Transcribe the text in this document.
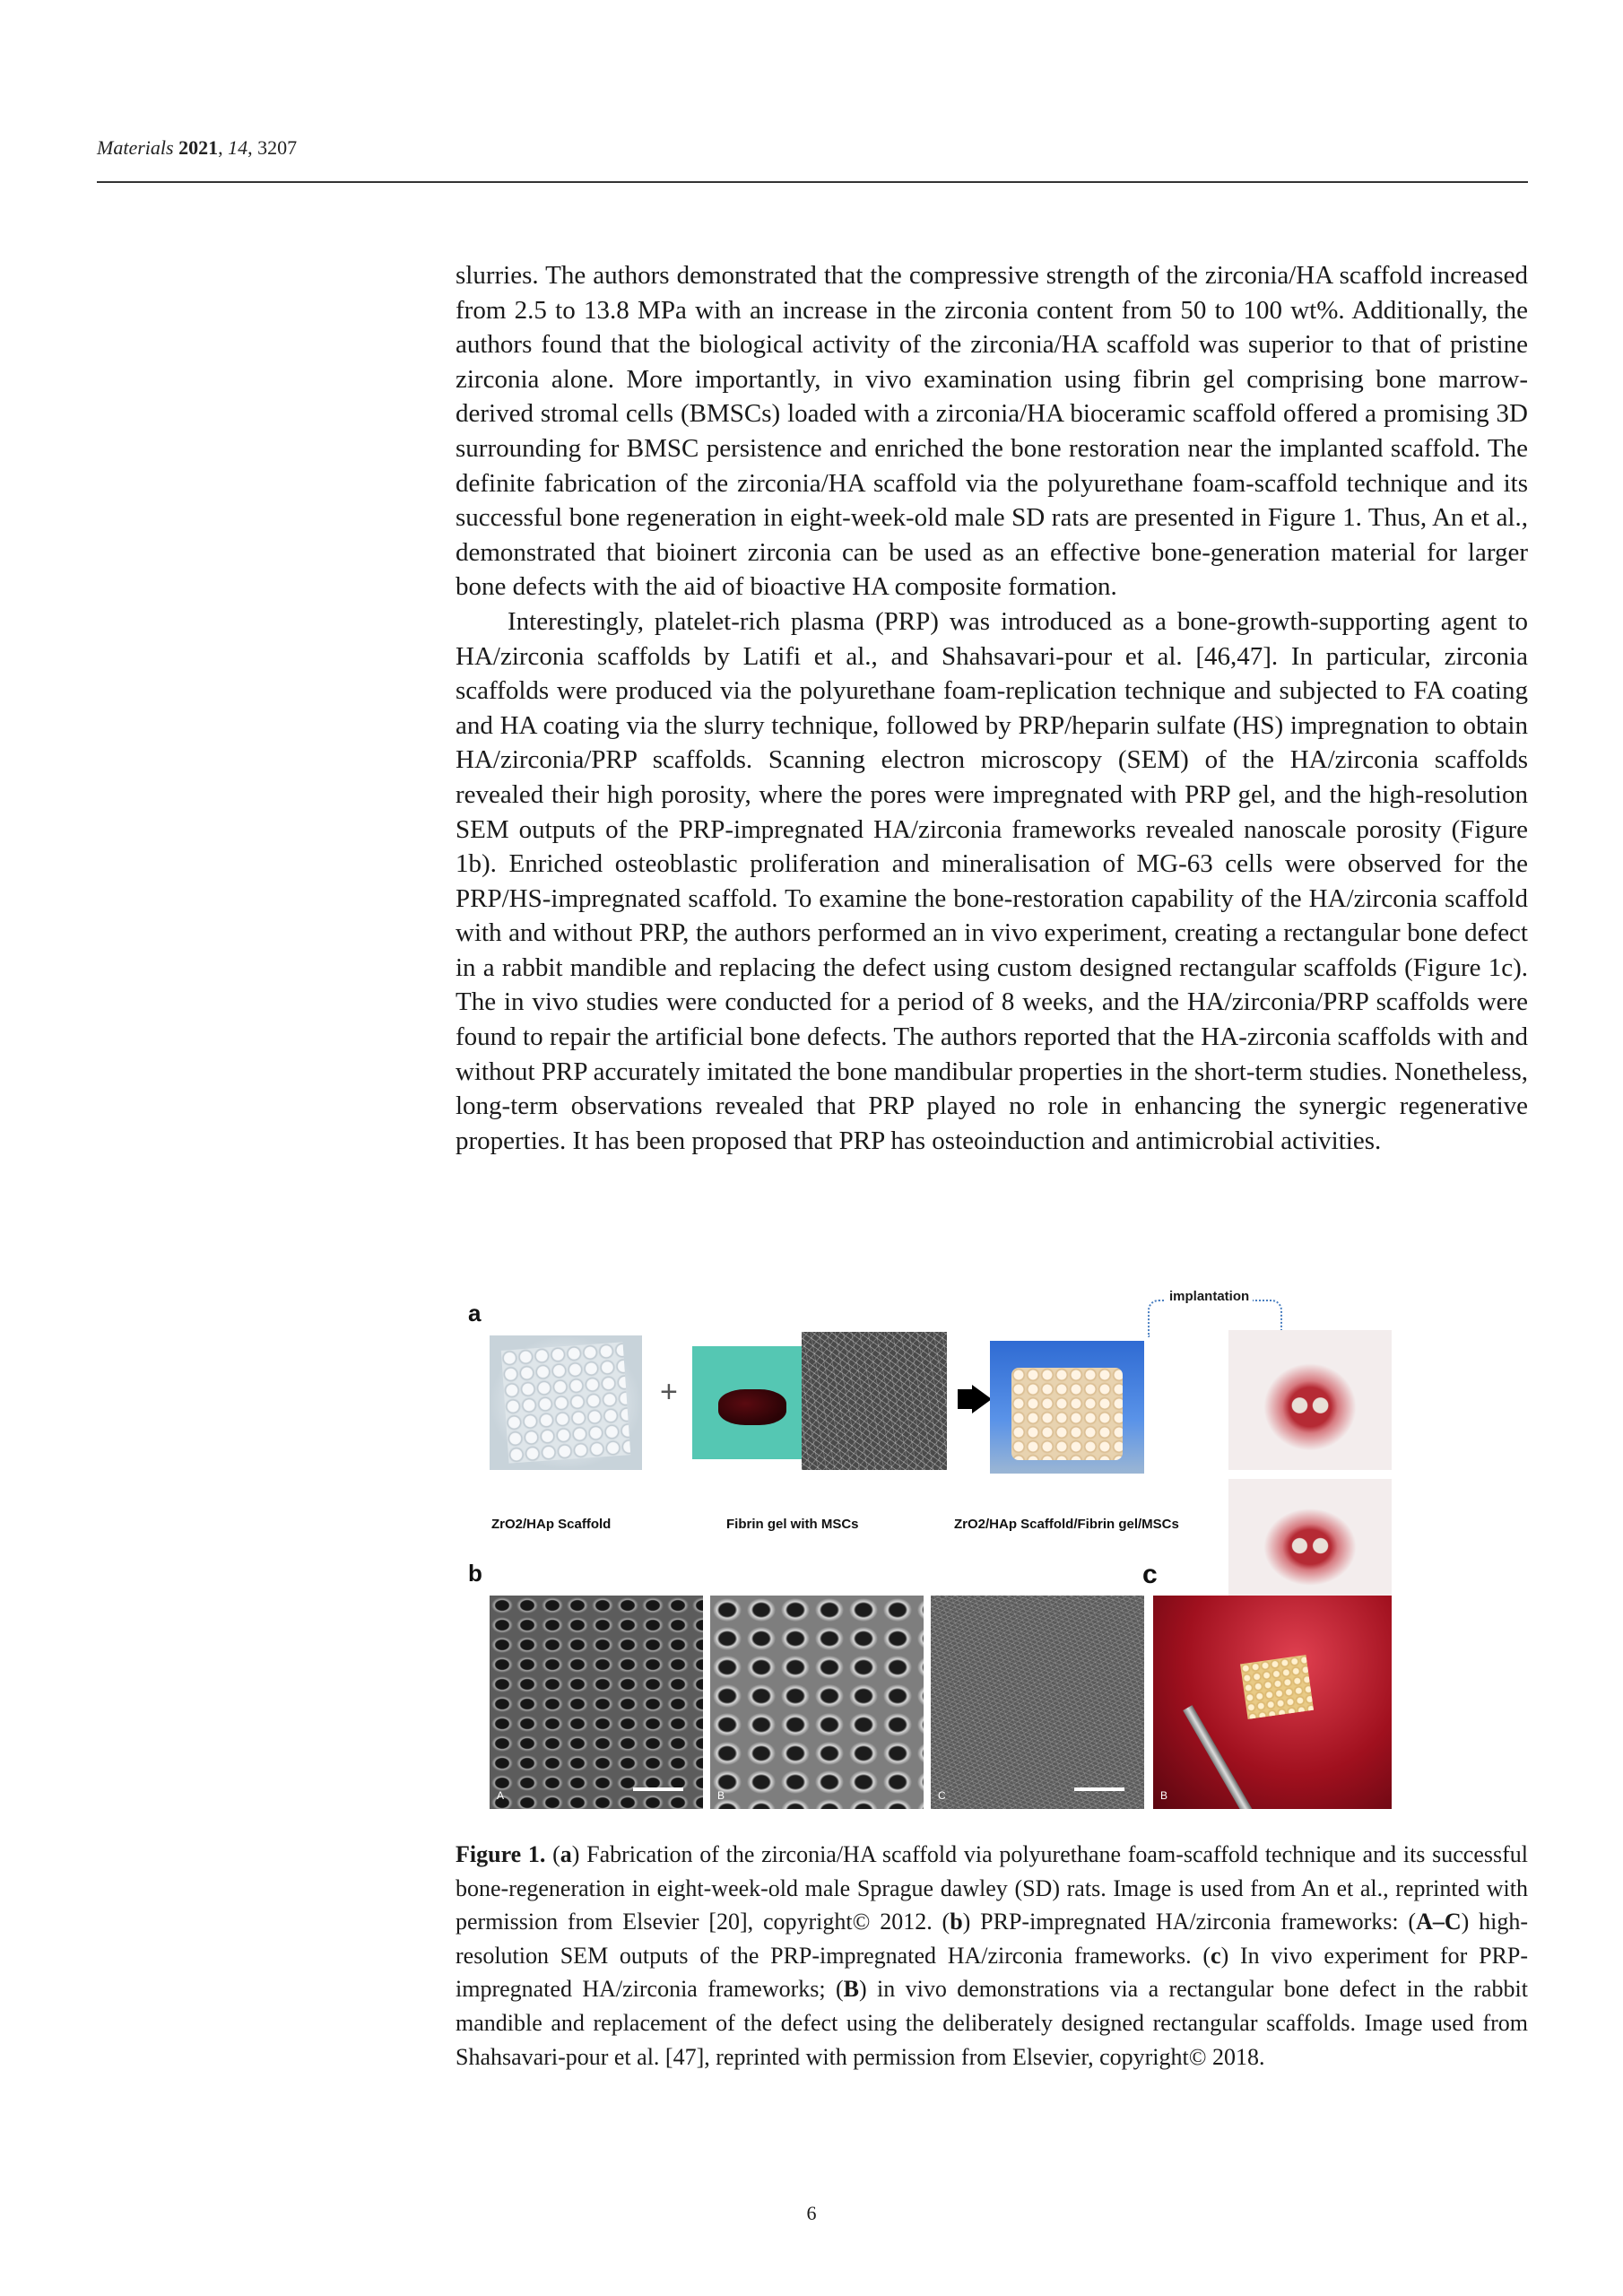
Materials 2021, 14, 3207

slurries. The authors demonstrated that the compressive strength of the zirconia/HA scaffold increased from 2.5 to 13.8 MPa with an increase in the zirconia content from 50 to 100 wt%. Additionally, the authors found that the biological activity of the zirconia/HA scaffold was superior to that of pristine zirconia alone. More importantly, in vivo examination using fibrin gel comprising bone marrow-derived stromal cells (BMSCs) loaded with a zirconia/HA bioceramic scaffold offered a promising 3D surrounding for BMSC persistence and enriched the bone restoration near the implanted scaffold. The definite fabrication of the zirconia/HA scaffold via the polyurethane foam-scaffold technique and its successful bone regeneration in eight-week-old male SD rats are presented in Figure 1. Thus, An et al., demonstrated that bioinert zirconia can be used as an effective bone-generation material for larger bone defects with the aid of bioactive HA composite formation.

Interestingly, platelet-rich plasma (PRP) was introduced as a bone-growth-supporting agent to HA/zirconia scaffolds by Latifi et al., and Shahsavari-pour et al. [46,47]. In particular, zirconia scaffolds were produced via the polyurethane foam-replication technique and subjected to FA coating and HA coating via the slurry technique, followed by PRP/heparin sulfate (HS) impregnation to obtain HA/zirconia/PRP scaffolds. Scanning electron microscopy (SEM) of the HA/zirconia scaffolds revealed their high porosity, where the pores were impregnated with PRP gel, and the high-resolution SEM outputs of the PRP-impregnated HA/zirconia frameworks revealed nanoscale porosity (Figure 1b). Enriched osteoblastic proliferation and mineralisation of MG-63 cells were observed for the PRP/HS-impregnated scaffold. To examine the bone-restoration capability of the HA/zirconia scaffold with and without PRP, the authors performed an in vivo experiment, creating a rectangular bone defect in a rabbit mandible and replacing the defect using custom designed rectangular scaffolds (Figure 1c). The in vivo studies were conducted for a period of 8 weeks, and the HA/zirconia/PRP scaffolds were found to repair the artificial bone defects. The authors reported that the HA-zirconia scaffolds with and without PRP accurately imitated the bone mandibular properties in the short-term studies. Nonetheless, long-term observations revealed that PRP played no role in enhancing the synergic regenerative properties. It has been proposed that PRP has osteoinduction and antimicrobial activities.

a
+
implantation
ZrO2/HAp Scaffold	Fibrin gel with MSCs	ZrO2/HAp Scaffold/Fibrin gel/MSCs
b	c
A	B	C	B
Figure 1. (a) Fabrication of the zirconia/HA scaffold via polyurethane foam-scaffold technique and its successful bone-regeneration in eight-week-old male Sprague dawley (SD) rats. Image is used from An et al., reprinted with permission from Elsevier [20], copyright© 2012. (b) PRP-impregnated HA/zirconia frameworks: (A–C) high-resolution SEM outputs of the PRP-impregnated HA/zirconia frameworks. (c) In vivo experiment for PRP-impregnated HA/zirconia frameworks; (B) in vivo demonstrations via a rectangular bone defect in the rabbit mandible and replacement of the defect using the deliberately designed rectangular scaffolds. Image used from Shahsavari-pour et al. [47], reprinted with permission from Elsevier, copyright© 2018.
6
